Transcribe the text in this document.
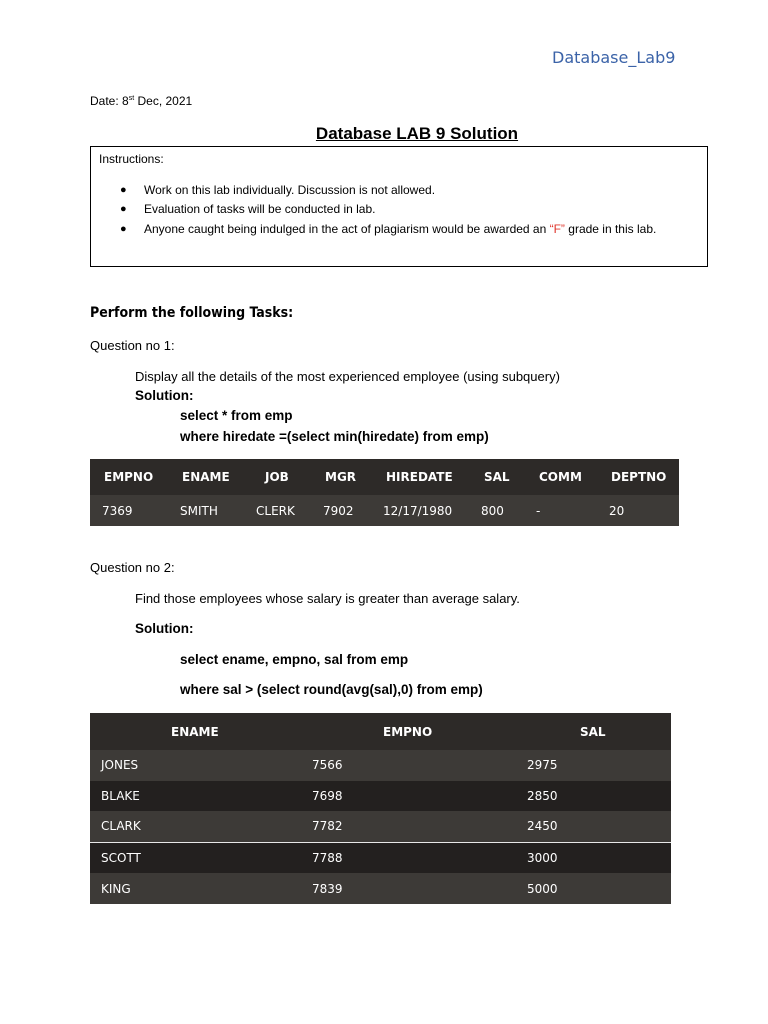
Database_Lab9
Date: 8st Dec, 2021
Database LAB 9 Solution
Instructions:
●	Work on this lab individually. Discussion is not allowed.
●	Evaluation of tasks will be conducted in lab.
●	Anyone caught being indulged in the act of plagiarism would be awarded an “F” grade in this lab.
Perform the following Tasks:
Question no 1:
Display all the details of the most experienced employee (using subquery)
Solution:
select * from emp
where hiredate =(select min(hiredate) from emp)
EMPNO	ENAME	JOB	MGR	HIREDATE	SAL	COMM	DEPTNO
7369	SMITH	CLERK	7902	12/17/1980	800	-	20
Question no 2:
Find those employees whose salary is greater than average salary.
Solution:
select ename, empno, sal from emp
where sal > (select round(avg(sal),0) from emp)
ENAME	EMPNO	SAL
JONES	7566	2975
BLAKE	7698	2850
CLARK	7782	2450
SCOTT	7788	3000
KING	7839	5000
